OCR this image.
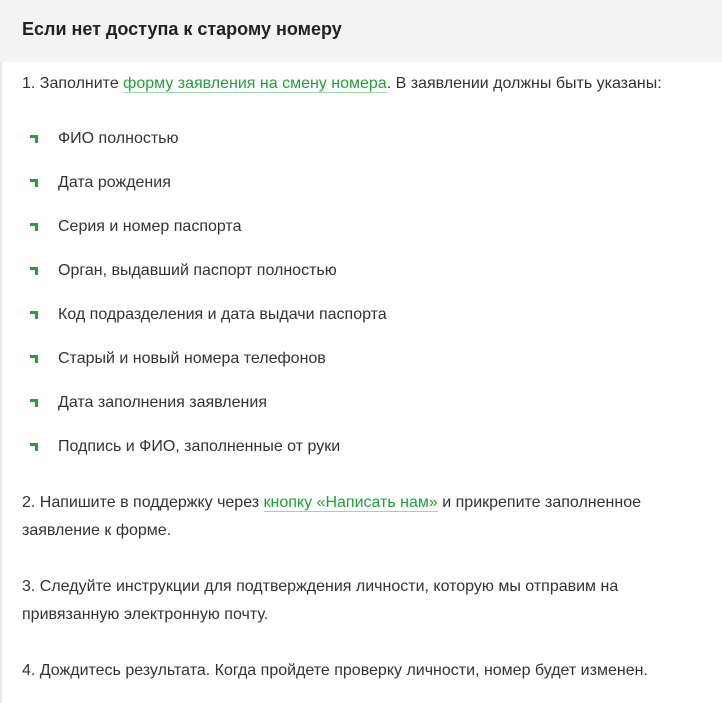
Если нет доступа к старому номеру

1. Заполните форму заявления на смену номера. В заявлении должны быть указаны:

ФИО полностью
Дата рождения
Серия и номер паспорта
Орган, выдавший паспорт полностью
Код подразделения и дата выдачи паспорта
Старый и новый номера телефонов
Дата заполнения заявления
Подпись и ФИО, заполненные от руки

2. Напишите в поддержку через кнопку «Написать нам» и прикрепите заполненное заявление к форме.

3. Следуйте инструкции для подтверждения личности, которую мы отправим на привязанную электронную почту.

4. Дождитесь результата. Когда пройдете проверку личности, номер будет изменен.
